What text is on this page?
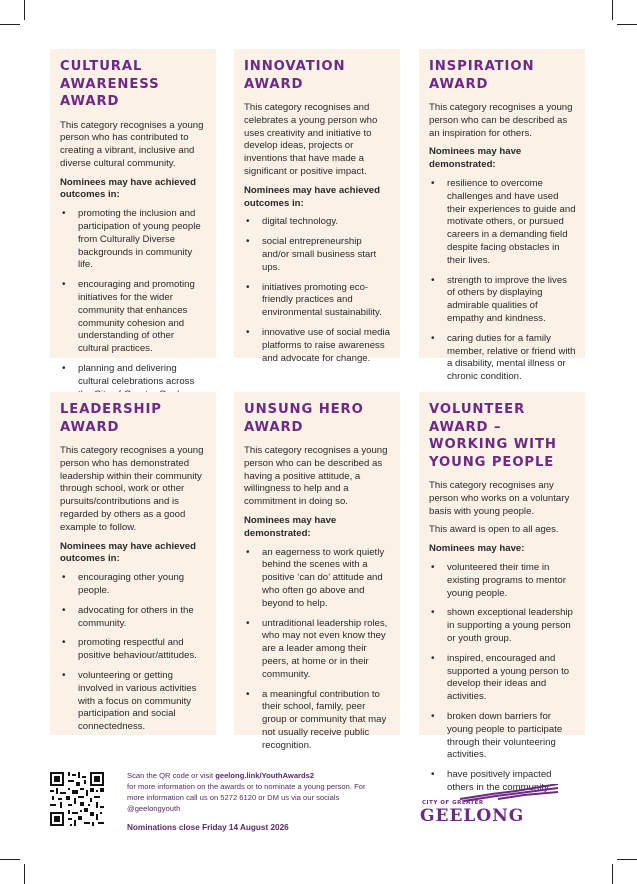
CULTURAL AWARENESS AWARD

This category recognises a young person who has contributed to creating a vibrant, inclusive and diverse cultural community.

Nominees may have achieved outcomes in:

• promoting the inclusion and participation of young people from Culturally Diverse backgrounds in community life.
• encouraging and promoting initiatives for the wider community that enhances community cohesion and understanding of other cultural practices.
• planning and delivering cultural celebrations across
INNOVATION AWARD

This category recognises and celebrates a young person who uses creativity and initiative to develop ideas, projects or inventions that have made a significant or positive impact.

Nominees may have achieved outcomes in:

• digital technology.
• social entrepreneurship and/or small business start ups.
• initiatives promoting eco-friendly practices and environmental sustainability.
• innovative use of social media platforms to raise awareness and advocate for change.
INSPIRATION AWARD

This category recognises a young person who can be described as an inspiration for others.

Nominees may have demonstrated:

• resilience to overcome challenges and have used their experiences to guide and motivate others, or pursued careers in a demanding field despite facing obstacles in their lives.
• strength to improve the lives of others by displaying admirable qualities of empathy and kindness.
• caring duties for a family member, relative or friend with a disability, mental illness or chronic condition.
LEADERSHIP AWARD

This category recognises a young person who has demonstrated leadership within their community through school, work or other pursuits/contributions and is regarded by others as a good example to follow.

Nominees may have achieved outcomes in:

• encouraging other young people.
• advocating for others in the community.
• promoting respectful and positive behaviour/attitudes.
• volunteering or getting involved in various activities with a focus on community participation and social connectedness.
UNSUNG HERO AWARD

This category recognises a young person who can be described as having a positive attitude, a willingness to help and a commitment in doing so.

Nominees may have demonstrated:

• an eagerness to work quietly behind the scenes with a positive ‘can do’ attitude and who often go above and beyond to help.
• untraditional leadership roles, who may not even know they are a leader among their peers, at home or in their community.
• a meaningful contribution to their school, family, peer group or community that may not usually receive public recognition.
VOLUNTEER AWARD – WORKING WITH YOUNG PEOPLE

This category recognises any person who works on a voluntary basis with young people.

This award is open to all ages.

Nominees may have:

• volunteered their time in existing programs to mentor young people.
• shown exceptional leadership in supporting a young person or youth group.
• inspired, encouraged and supported a young person to develop their ideas and activities.
• broken down barriers for young people to participate through their volunteering activities.
• have positively impacted others in the community.
Scan the QR code or visit geelong.link/YouthAwards2
for more information on the awards or to nominate a young person. For more information call us on 5272 6120 or DM us via our socials @geelongyouth
Nominations close Friday 14 August 2026
CITY OF GREATER
GEELONG
